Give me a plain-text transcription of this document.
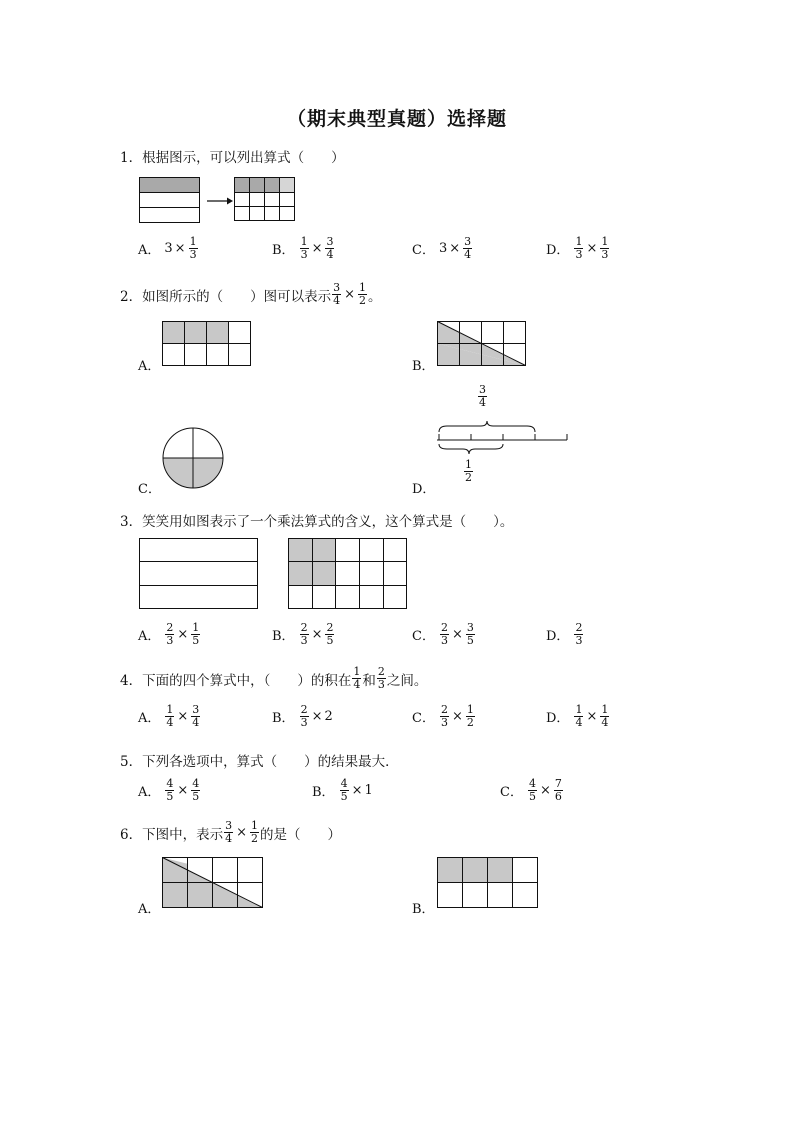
（期末典型真题）选择题
1．根据图示，可以列出算式（　　）
A． $3 \times \frac{1}{3}$	B． $\frac{1}{3} \times \frac{3}{4}$	C． $3 \times \frac{3}{4}$	D． $\frac{1}{3} \times \frac{1}{3}$
2．如图所示的（　　）图可以表示 $\frac{3}{4} \times \frac{1}{2}$ 。
A．	B．
C．	D．
$\frac{3}{4}$
$\frac{1}{2}$
3．笑笑用如图表示了一个乘法算式的含义，这个算式是（　　）。
A． $\frac{2}{3} \times \frac{1}{5}$	B． $\frac{2}{3} \times \frac{2}{5}$	C． $\frac{2}{3} \times \frac{3}{5}$	D． $\frac{2}{3}$
4．下面的四个算式中，（　　）的积在 $\frac{1}{4}$ 和 $\frac{2}{3}$ 之间。
A． $\frac{1}{4} \times \frac{3}{4}$	B． $\frac{2}{3} \times 2$	C． $\frac{2}{3} \times \frac{1}{2}$	D． $\frac{1}{4} \times \frac{1}{4}$
5．下列各选项中，算式（　　）的结果最大．
A． $\frac{4}{5} \times \frac{4}{5}$	B． $\frac{4}{5} \times 1$	C． $\frac{4}{5} \times \frac{7}{6}$
6．下图中，表示 $\frac{3}{4} \times \frac{1}{2}$ 的是（　　）
A．	B．
